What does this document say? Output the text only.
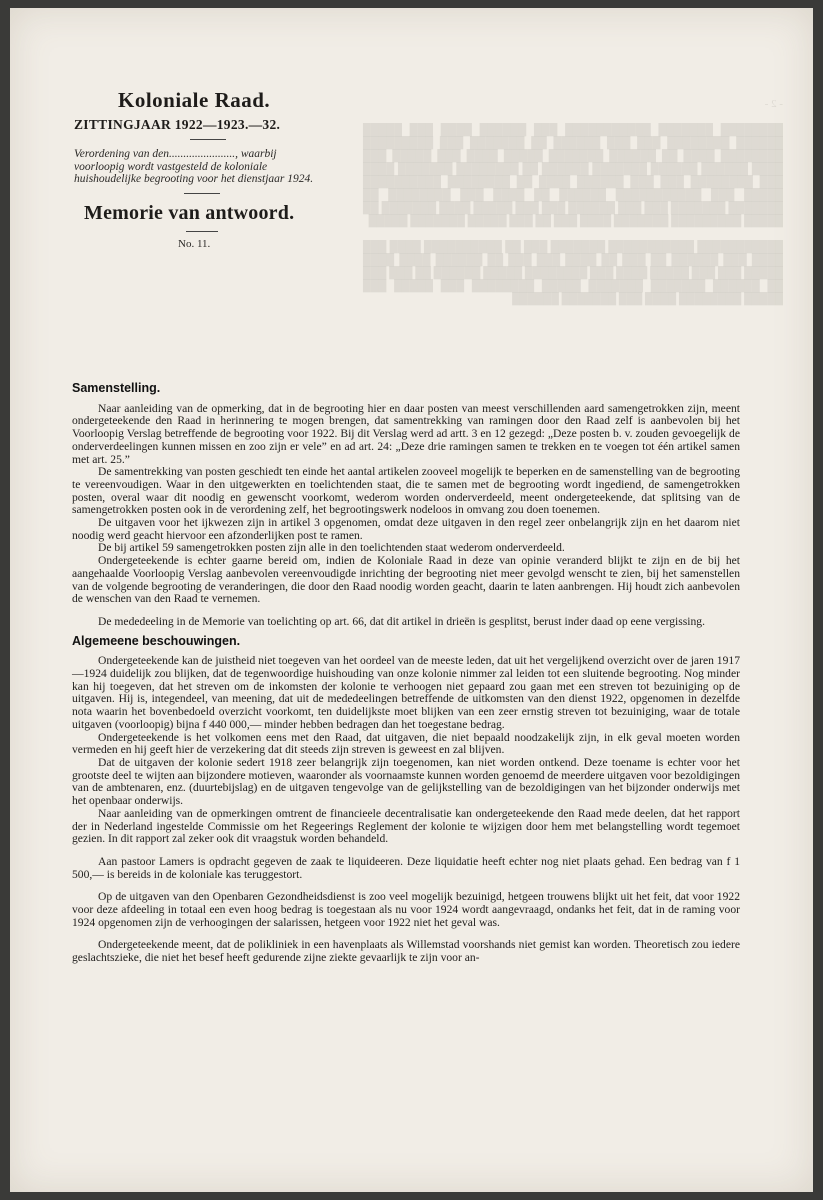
- 2 -

████████ ███████ ███████████ ███ ██████ ████ ███ █████ ██████ ████████ ███ ███ ██████ ██ ███████ ███ █████████ ████████ ████ ██ ██████ ███████ █████ ████ ███ █████ ███ ████ ██████ ██████ ███████ ██████ ██ ████████ ███████ ████ ███ ████████ ███ ███ ██████ ████ ██ ████████ ██████████ █████ ███ ███████████ ██████ ██ ████ ███ ████████ ██ ███████ ███████ ███ ███ ██████ ███ ███ █████ ████ ███████ ██ █████ █████████ ███████ ████ ███ ██ ███ █████ ███████ █████

███████████ ███████████ ███████ ███ ██ ██████████ ████ ███ ████ ███ ██████ ██ ███ ██ ████ ███ ███ ██ ██████ ████ ████ █████ ███ ███ █████ ████ ███ ████████ █████ ██████ ██ ███ ███ ██ ██████ ███████ ███████ █████ ████████ ███ █████ ███ █████ ████████ ████ ███ ███████ ██████
Koloniale Raad.
ZITTINGJAAR 1922—1923.—32.
Verordening van den......................., waarbij voorloopig wordt vastgesteld de koloniale huishoudelijke begrooting voor het dienstjaar 1924.
Memorie van antwoord.
No. 11.
Samenstelling.

Naar aanleiding van de opmerking, dat in de begrooting hier en daar posten van meest verschillenden aard samengetrokken zijn, meent ondergeteekende den Raad in herinnering te mogen brengen, dat samentrekking van ramingen door den Raad zelf is aanbevolen bij het Voorloopig Verslag betreffende de begrooting voor 1922. Bij dit Verslag werd ad artt. 3 en 12 gezegd: „Deze posten b. v. zouden gevoegelijk de onderverdeelingen kunnen missen en zoo zijn er vele” en ad art. 24: „Deze drie ramingen samen te trekken en te voegen tot één artikel samen met art. 25.”

De samentrekking van posten geschiedt ten einde het aantal artikelen zooveel mogelijk te beperken en de samenstelling van de begrooting te vereenvoudigen. Waar in den uitgewerkten en toelichtenden staat, die te samen met de begrooting wordt ingediend, de samengetrokken posten, overal waar dit noodig en gewenscht voorkomt, wederom worden onderverdeeld, meent ondergeteekende, dat splitsing van de samengetrokken posten ook in de verordening zelf, het begrootingswerk nodeloos in omvang zou doen toenemen.

De uitgaven voor het ijkwezen zijn in artikel 3 opgenomen, omdat deze uitgaven in den regel zeer onbelangrijk zijn en het daarom niet noodig werd geacht hiervoor een afzonderlijken post te ramen.

De bij artikel 59 samengetrokken posten zijn alle in den toelichtenden staat wederom onderverdeeld.

Ondergeteekende is echter gaarne bereid om, indien de Koloniale Raad in deze van opinie veranderd blijkt te zijn en de bij het aangehaalde Voorloopig Verslag aanbevolen vereenvoudigde inrichting der begrooting niet meer gevolgd wenscht te zien, bij het samenstellen van de volgende begrooting de veranderingen, die door den Raad noodig worden geacht, daarin te laten aanbrengen. Hij houdt zich aanbevolen de wenschen van den Raad te vernemen.

De mededeeling in de Memorie van toelichting op art. 66, dat dit artikel in drieën is gesplitst, berust inder daad op eene vergissing.

Algemeene beschouwingen.

Ondergeteekende kan de juistheid niet toegeven van het oordeel van de meeste leden, dat uit het vergelijkend overzicht over de jaren 1917—1924 duidelijk zou blijken, dat de tegenwoordige huishouding van onze kolonie nimmer zal leiden tot een sluitende begrooting. Nog minder kan hij toegeven, dat het streven om de inkomsten der kolonie te verhoogen niet gepaard zou gaan met een streven tot bezuiniging op de uitgaven. Hij is, integendeel, van meening, dat uit de mededeelingen betreffende de uitkomsten van den dienst 1922, opgenomen in dezelfde nota waarin het bovenbedoeld overzicht voorkomt, ten duidelijkste moet blijken van een zeer ernstig streven tot bezuiniging, waar de totale uitgaven (voorloopig) bijna f 440 000,— minder hebben bedragen dan het toegestane bedrag.

Ondergeteekende is het volkomen eens met den Raad, dat uitgaven, die niet bepaald noodzakelijk zijn, in elk geval moeten worden vermeden en hij geeft hier de verzekering dat dit steeds zijn streven is geweest en zal blijven.

Dat de uitgaven der kolonie sedert 1918 zeer belangrijk zijn toegenomen, kan niet worden ontkend. Deze toename is echter voor het grootste deel te wijten aan bijzondere motieven, waaronder als voornaamste kunnen worden genoemd de meerdere uitgaven voor bezoldigingen van de ambtenaren, enz. (duurtebijslag) en de uitgaven tengevolge van de gelijkstelling van de bezoldigingen van het bijzonder onderwijs met het openbaar onderwijs.

Naar aanleiding van de opmerkingen omtrent de financieele decentralisatie kan ondergeteekende den Raad mede deelen, dat het rapport der in Nederland ingestelde Commissie om het Regeerings Reglement der kolonie te wijzigen door hem met belangstelling wordt tegemoet gezien. In dit rapport zal zeker ook dit vraagstuk worden behandeld.

Aan pastoor Lamers is opdracht gegeven de zaak te liquideeren. Deze liquidatie heeft echter nog niet plaats gehad. Een bedrag van f 1 500,— is bereids in de koloniale kas teruggestort.

Op de uitgaven van den Openbaren Gezondheidsdienst is zoo veel mogelijk bezuinigd, hetgeen trouwens blijkt uit het feit, dat voor 1922 voor deze afdeeling in totaal een even hoog bedrag is toegestaan als nu voor 1924 wordt aangevraagd, ondanks het feit, dat in de raming voor 1924 opgenomen zijn de verhoogingen der salarissen, hetgeen voor 1922 niet het geval was.

Ondergeteekende meent, dat de polikliniek in een havenplaats als Willemstad voorshands niet gemist kan worden. Theoretisch zou iedere geslachtszieke, die niet het besef heeft gedurende zijne ziekte gevaarlijk te zijn voor an-
